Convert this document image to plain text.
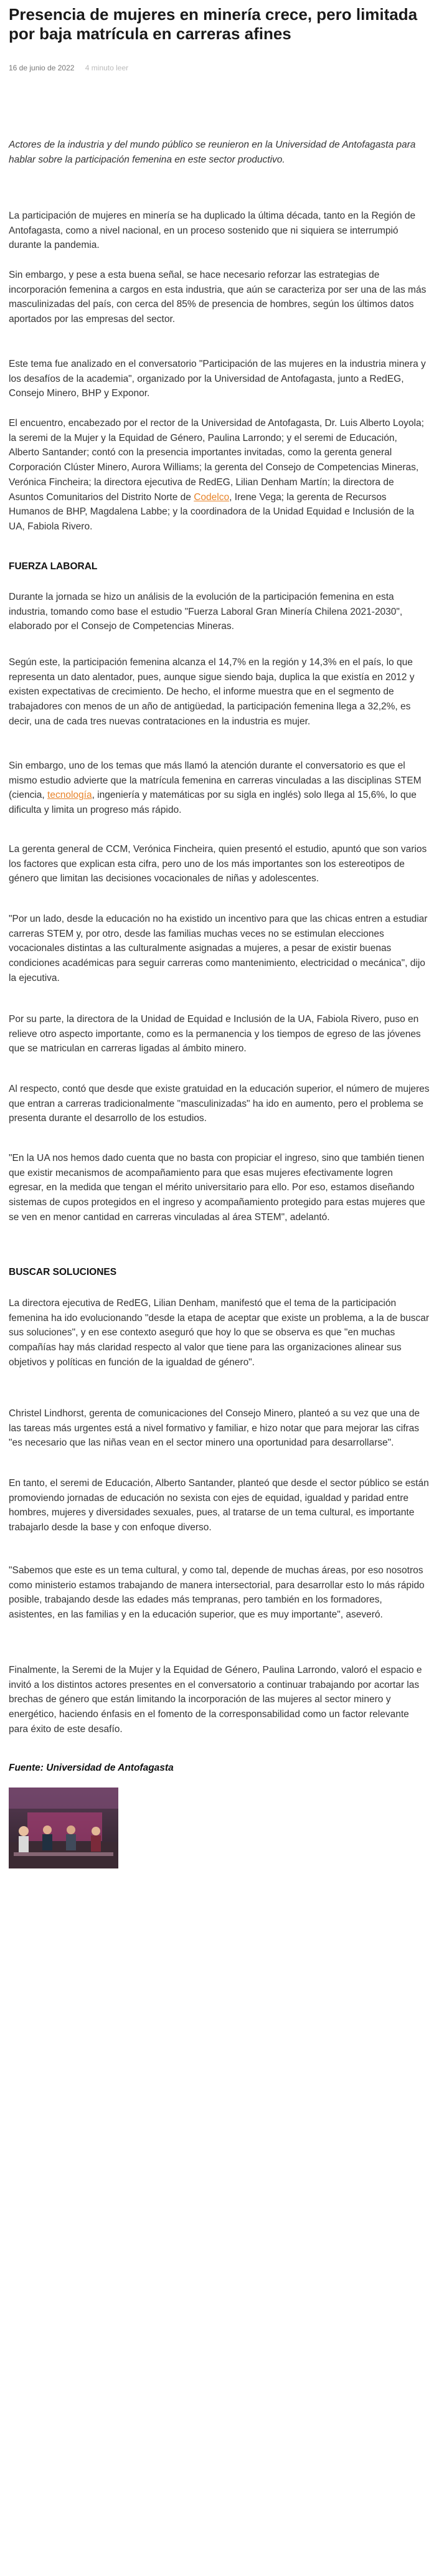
Presencia de mujeres en minería crece, pero limitada por baja matrícula en carreras afines
16 de junio de 2022 4 minuto leer

Actores de la industria y del mundo público se reunieron en la Universidad de Antofagasta para hablar sobre la participación femenina en este sector productivo.

La participación de mujeres en minería se ha duplicado la última década, tanto en la Región de Antofagasta, como a nivel nacional, en un proceso sostenido que ni siquiera se interrumpió durante la pandemia.

Sin embargo, y pese a esta buena señal, se hace necesario reforzar las estrategias de incorporación femenina a cargos en esta industria, que aún se caracteriza por ser una de las más masculinizadas del país, con cerca del 85% de presencia de hombres, según los últimos datos aportados por las empresas del sector.

Este tema fue analizado en el conversatorio "Participación de las mujeres en la industria minera y los desafíos de la academia", organizado por la Universidad de Antofagasta, junto a RedEG, Consejo Minero, BHP y Exponor.

El encuentro, encabezado por el rector de la Universidad de Antofagasta, Dr. Luis Alberto Loyola; la seremi de la Mujer y la Equidad de Género, Paulina Larrondo; y el seremi de Educación, Alberto Santander; contó con la presencia importantes invitadas, como la gerenta general Corporación Clúster Minero, Aurora Williams; la gerenta del Consejo de Competencias Mineras, Verónica Fincheira; la directora ejecutiva de RedEG, Lilian Denham Martín; la directora de Asuntos Comunitarios del Distrito Norte de Codelco, Irene Vega; la gerenta de Recursos Humanos de BHP, Magdalena Labbe; y la coordinadora de la Unidad Equidad e Inclusión de la UA, Fabiola Rivero.

FUERZA LABORAL

Durante la jornada se hizo un análisis de la evolución de la participación femenina en esta industria, tomando como base el estudio "Fuerza Laboral Gran Minería Chilena 2021-2030", elaborado por el Consejo de Competencias Mineras.

Según este, la participación femenina alcanza el 14,7% en la región y 14,3% en el país, lo que representa un dato alentador, pues, aunque sigue siendo baja, duplica la que existía en 2012 y existen expectativas de crecimiento. De hecho, el informe muestra que en el segmento de trabajadores con menos de un año de antigüedad, la participación femenina llega a 32,2%, es decir, una de cada tres nuevas contrataciones en la industria es mujer.

Sin embargo, uno de los temas que más llamó la atención durante el conversatorio es que el mismo estudio advierte que la matrícula femenina en carreras vinculadas a las disciplinas STEM (ciencia, tecnología, ingeniería y matemáticas por su sigla en inglés) solo llega al 15,6%, lo que dificulta y limita un progreso más rápido.

La gerenta general de CCM, Verónica Fincheira, quien presentó el estudio, apuntó que son varios los factores que explican esta cifra, pero uno de los más importantes son los estereotipos de género que limitan las decisiones vocacionales de niñas y adolescentes.

"Por un lado, desde la educación no ha existido un incentivo para que las chicas entren a estudiar carreras STEM y, por otro, desde las familias muchas veces no se estimulan elecciones vocacionales distintas a las culturalmente asignadas a mujeres, a pesar de existir buenas condiciones académicas para seguir carreras como mantenimiento, electricidad o mecánica", dijo la ejecutiva.

Por su parte, la directora de la Unidad de Equidad e Inclusión de la UA, Fabiola Rivero, puso en relieve otro aspecto importante, como es la permanencia y los tiempos de egreso de las jóvenes que se matriculan en carreras ligadas al ámbito minero.

Al respecto, contó que desde que existe gratuidad en la educación superior, el número de mujeres que entran a carreras tradicionalmente "masculinizadas" ha ido en aumento, pero el problema se presenta durante el desarrollo de los estudios.

"En la UA nos hemos dado cuenta que no basta con propiciar el ingreso, sino que también tienen que existir mecanismos de acompañamiento para que esas mujeres efectivamente logren egresar, en la medida que tengan el mérito universitario para ello. Por eso, estamos diseñando sistemas de cupos protegidos en el ingreso y acompañamiento protegido para estas mujeres que se ven en menor cantidad en carreras vinculadas al área STEM", adelantó.

BUSCAR SOLUCIONES

La directora ejecutiva de RedEG, Lilian Denham, manifestó que el tema de la participación femenina ha ido evolucionando "desde la etapa de aceptar que existe un problema, a la de buscar sus soluciones", y en ese contexto aseguró que hoy lo que se observa es que "en muchas compañías hay más claridad respecto al valor que tiene para las organizaciones alinear sus objetivos y políticas en función de la igualdad de género".

Christel Lindhorst, gerenta de comunicaciones del Consejo Minero, planteó a su vez que una de las tareas más urgentes está a nivel formativo y familiar, e hizo notar que para mejorar las cifras "es necesario que las niñas vean en el sector minero una oportunidad para desarrollarse".

En tanto, el seremi de Educación, Alberto Santander, planteó que desde el sector público se están promoviendo jornadas de educación no sexista con ejes de equidad, igualdad y paridad entre hombres, mujeres y diversidades sexuales, pues, al tratarse de un tema cultural, es importante trabajarlo desde la base y con enfoque diverso.

"Sabemos que este es un tema cultural, y como tal, depende de muchas áreas, por eso nosotros como ministerio estamos trabajando de manera intersectorial, para desarrollar esto lo más rápido posible, trabajando desde las edades más tempranas, pero también en los formadores, asistentes, en las familias y en la educación superior, que es muy importante", aseveró.

Finalmente, la Seremi de la Mujer y la Equidad de Género, Paulina Larrondo, valoró el espacio e invitó a los distintos actores presentes en el conversatorio a continuar trabajando por acortar las brechas de género que están limitando la incorporación de las mujeres al sector minero y energético, haciendo énfasis en el fomento de la corresponsabilidad como un factor relevante para éxito de este desafío.

Fuente: Universidad de Antofagasta
